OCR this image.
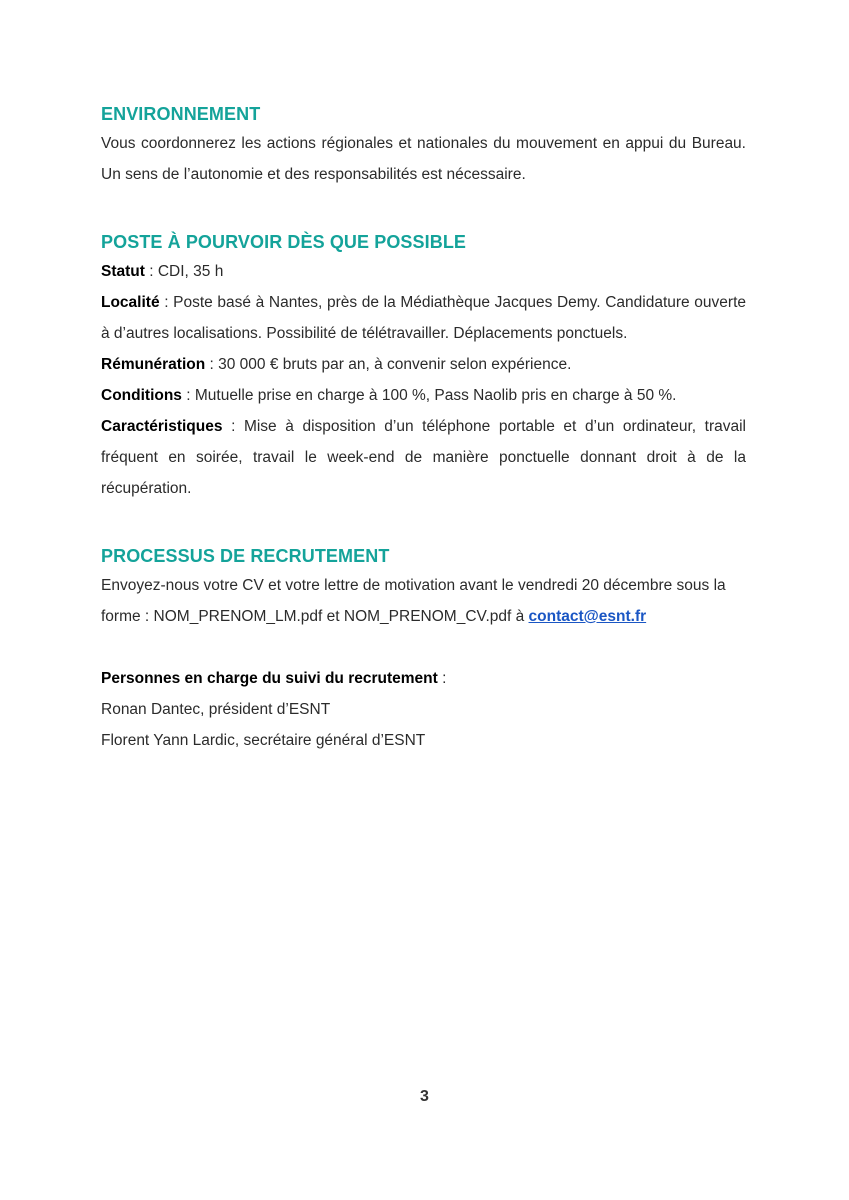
ENVIRONNEMENT

Vous coordonnerez les actions régionales et nationales du mouvement en appui du Bureau. Un sens de l’autonomie et des responsabilités est nécessaire.

POSTE À POURVOIR DÈS QUE POSSIBLE

Statut : CDI, 35 h

Localité : Poste basé à Nantes, près de la Médiathèque Jacques Demy. Candidature ouverte à d’autres localisations. Possibilité de télétravailler. Déplacements ponctuels.

Rémunération : 30 000 € bruts par an, à convenir selon expérience.

Conditions : Mutuelle prise en charge à 100 %, Pass Naolib pris en charge à 50 %.

Caractéristiques : Mise à disposition d’un téléphone portable et d’un ordinateur, travail fréquent en soirée, travail le week-end de manière ponctuelle donnant droit à de la récupération.

PROCESSUS DE RECRUTEMENT

Envoyez-nous votre CV et votre lettre de motivation avant le vendredi 20 décembre sous la forme : NOM_PRENOM_LM.pdf et NOM_PRENOM_CV.pdf à contact@esnt.fr

Personnes en charge du suivi du recrutement :

Ronan Dantec, président d’ESNT

Florent Yann Lardic, secrétaire général d’ESNT

3
